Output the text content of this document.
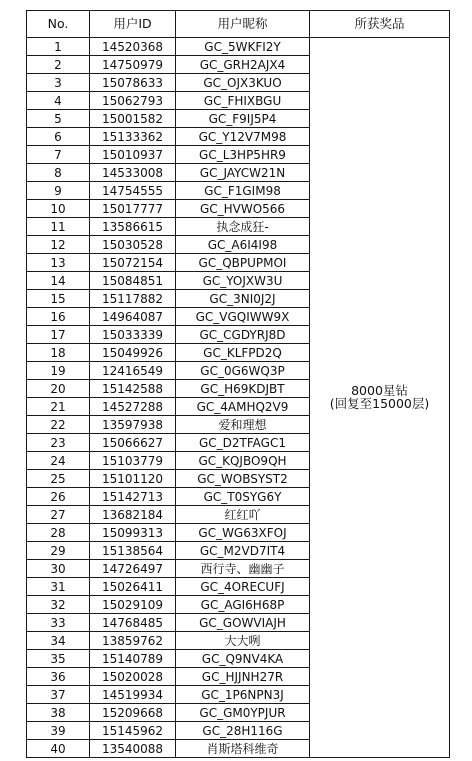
No.	用户ID	用户昵称	所获奖品
1	14520368	GC_5WKFI2Y	8000星钻
(回复至15000层)

2	14750979	GC_GRH2AJX4	
3	15078633	GC_OJX3KUO	
4	15062793	GC_FHIXBGU	
5	15001582	GC_F9IJ5P4	
6	15133362	GC_Y12V7M98	
7	15010937	GC_L3HP5HR9	
8	14533008	GC_JAYCW21N	
9	14754555	GC_F1GIM98	
10	15017777	GC_HVWO566	
11	13586615	执念成狂-	
12	15030528	GC_A6I4I98	
13	15072154	GC_QBPUPMOI	
14	15084851	GC_YOJXW3U	
15	15117882	GC_3NI0J2J	
16	14964087	GC_VGQIWW9X	
17	15033339	GC_CGDYRJ8D	
18	15049926	GC_KLFPD2Q	
19	12416549	GC_0G6WQ3P	
20	15142588	GC_H69KDJBT	
21	14527288	GC_4AMHQ2V9	
22	13597938	爱和理想	
23	15066627	GC_D2TFAGC1	
24	15103779	GC_KQJBO9QH	
25	15101120	GC_WOBSYST2	
26	15142713	GC_T0SYG6Y	
27	13682184	红红吖	
28	15099313	GC_WG63XFOJ	
29	15138564	GC_M2VD7IT4	
30	14726497	西行寺、幽幽子	
31	15026411	GC_4ORECUFJ	
32	15029109	GC_AGI6H68P	
33	14768485	GC_GOWVIAJH	
34	13859762	大大咧	
35	15140789	GC_Q9NV4KA	
36	15020028	GC_HJJNH27R	
37	14519934	GC_1P6NPN3J	
38	15209668	GC_GM0YPJUR	
39	15145962	GC_28H116G	
40	13540088	肖斯塔科维奇	
